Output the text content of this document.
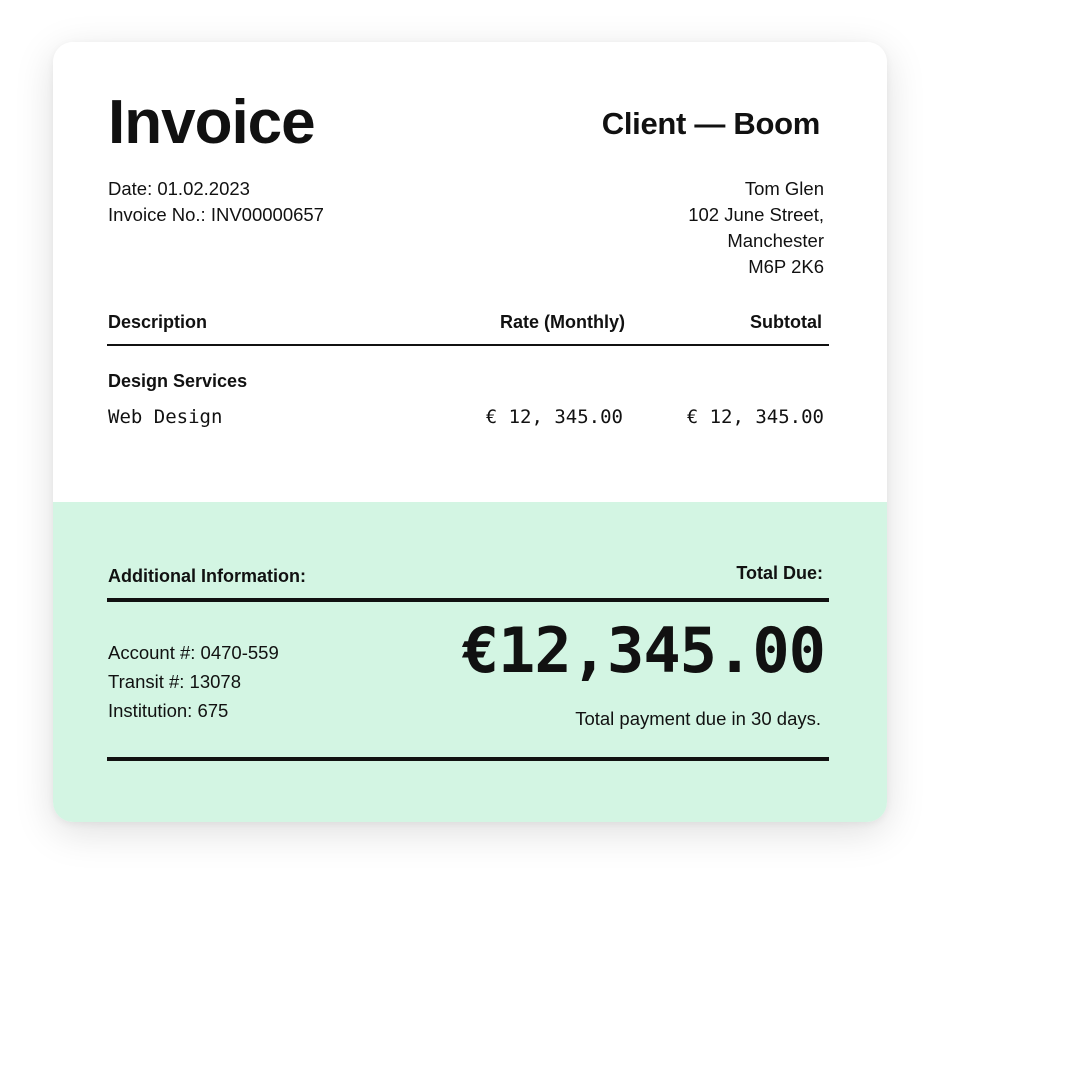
Invoice	Client — Boom
Date: 01.02.2023
Invoice No.: INV00000657
Tom Glen
102 June Street,
Manchester
M6P 2K6
Description	Rate (Monthly)	Subtotal
Design Services
Web Design	€ 12, 345.00	€ 12, 345.00
Additional Information:	Total Due:
Account #: 0470-559
Transit #: 13078
Institution: 675
€12,345.00
Total payment due in 30 days.
